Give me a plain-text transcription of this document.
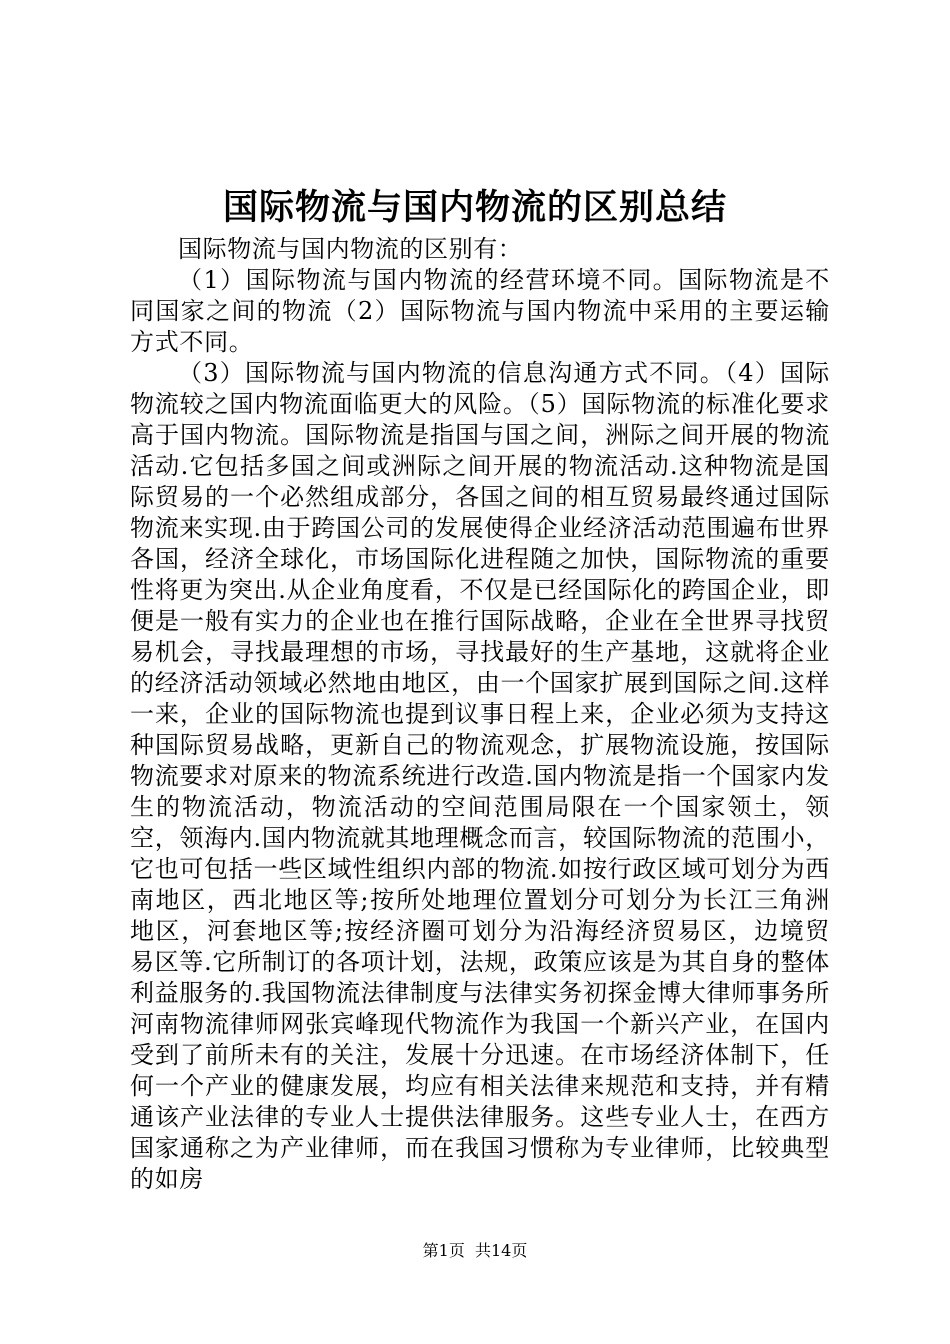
国际物流与国内物流的区别总结

国际物流与国内物流的区别有：

（1）国际物流与国内物流的经营环境不同。国际物流是不同国家之间的物流（2）国际物流与国内物流中采用的主要运输方式不同。

（3）国际物流与国内物流的信息沟通方式不同。（4）国际物流较之国内物流面临更大的风险。（5）国际物流的标准化要求高于国内物流。国际物流是指国与国之间，洲际之间开展的物流活动.它包括多国之间或洲际之间开展的物流活动.这种物流是国际贸易的一个必然组成部分，各国之间的相互贸易最终通过国际物流来实现.由于跨国公司的发展使得企业经济活动范围遍布世界各国，经济全球化，市场国际化进程随之加快，国际物流的重要性将更为突出.从企业角度看，不仅是已经国际化的跨国企业，即便是一般有实力的企业也在推行国际战略，企业在全世界寻找贸易机会，寻找最理想的市场，寻找最好的生产基地，这就将企业的经济活动领域必然地由地区，由一个国家扩展到国际之间.这样一来，企业的国际物流也提到议事日程上来，企业必须为支持这种国际贸易战略，更新自己的物流观念，扩展物流设施，按国际物流要求对原来的物流系统进行改造.国内物流是指一个国家内发生的物流活动，物流活动的空间范围局限在一个国家领土，领空，领海内.国内物流就其地理概念而言，较国际物流的范围小，它也可包括一些区域性组织内部的物流.如按行政区域可划分为西南地区，西北地区等;按所处地理位置划分可划分为长江三角洲地区，河套地区等;按经济圈可划分为沿海经济贸易区，边境贸易区等.它所制订的各项计划，法规，政策应该是为其自身的整体利益服务的.我国物流法律制度与法律实务初探金博大律师事务所河南物流律师网张宾峰现代物流作为我国一个新兴产业，在国内受到了前所未有的关注，发展十分迅速。在市场经济体制下，任何一个产业的健康发展，均应有相关法律来规范和支持，并有精通该产业法律的专业人士提供法律服务。这些专业人士，在西方国家通称之为产业律师，而在我国习惯称为专业律师，比较典型的如房

第1页  共14页
